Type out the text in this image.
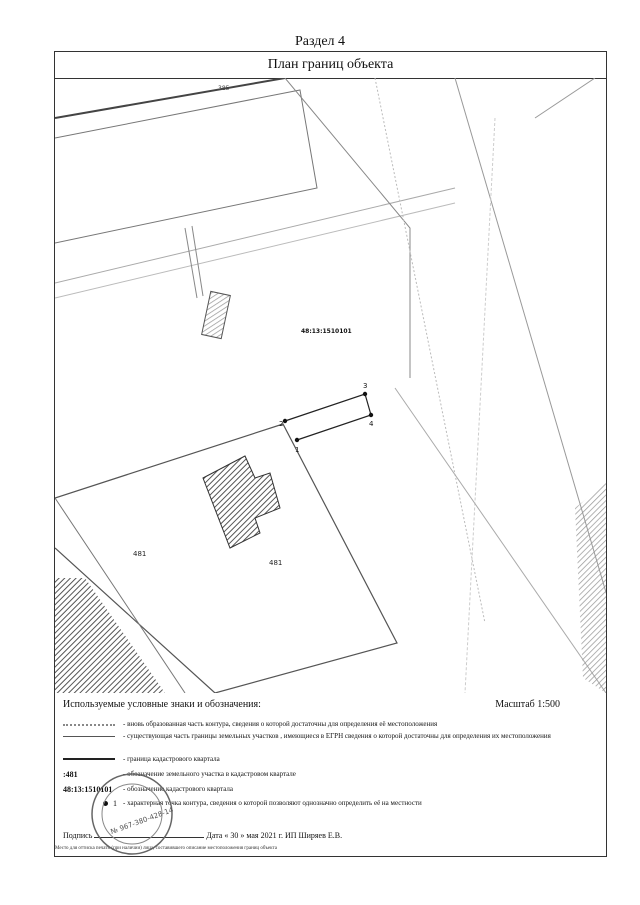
Раздел 4
План границ объекта
1
2
3
4
48:13:1510101
481
481
385
Используемые условные знаки и обозначения:	Масштаб 1:500
- вновь образованная часть контура, сведения о которой достаточны для определения её местоположения
- существующая часть границы земельных участков , имеющиеся в ЕГРН сведения о которой достаточны для определения их местоположения
- граница кадастрового квартала
:481	- обозначение земельного участка в кадастровом квартале
48:13:1510101 - обозначение кадастрового квартала
1 - характерная точка контура, сведения о которой позволяют однозначно определить её на местности
Подпись	Дата « 30 » мая 2021 г. ИП Ширяев Е.В.
Место для оттиска печати (при наличии) лица, составившего описание местоположения границ объекта
№ 967-380-428-14
